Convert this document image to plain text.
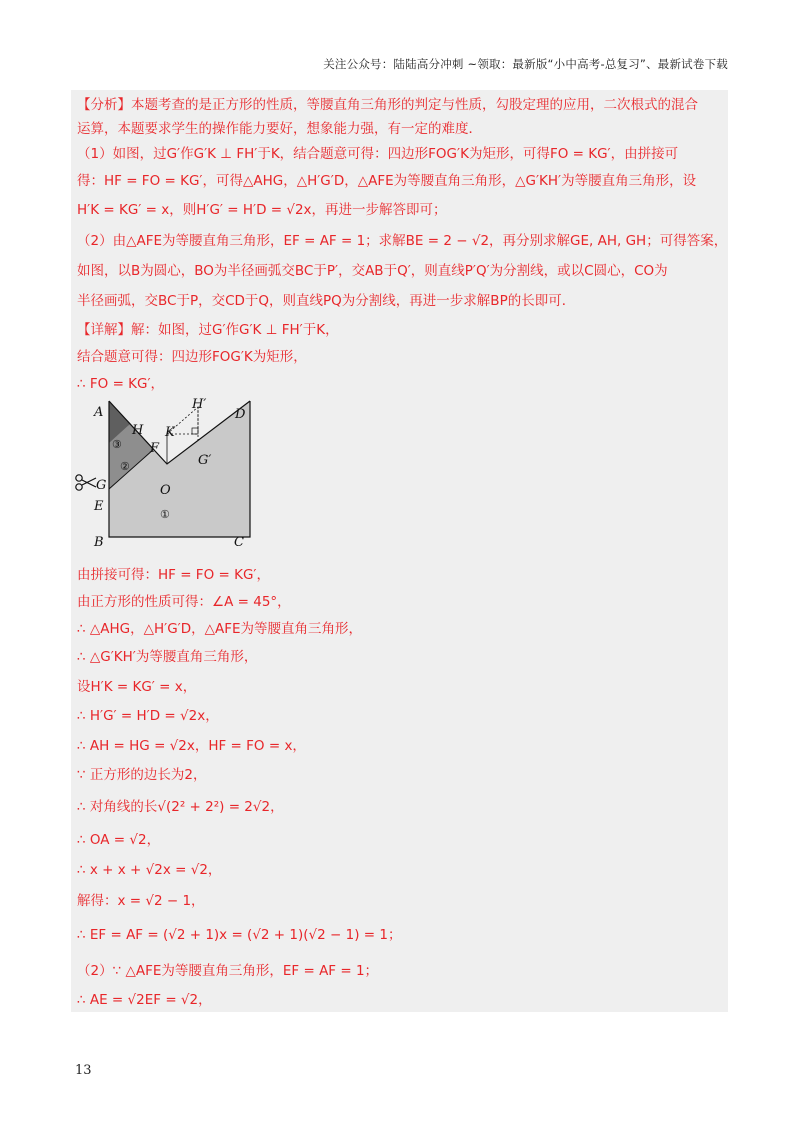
关注公众号：陆陆高分冲刺 ~领取：最新版“小中高考-总复习”、最新试卷下载
【分析】本题考查的是正方形的性质，等腰直角三角形的判定与性质，勾股定理的应用，二次根式的混合
运算，本题要求学生的操作能力要好，想象能力强，有一定的难度．
（1）如图，过G′作G′K ⊥ FH′于K，结合题意可得：四边形FOG′K为矩形，可得FO = KG′，由拼接可
得：HF = FO = KG′，可得△AHG，△H′G′D，△AFE为等腰直角三角形，△G′KH′为等腰直角三角形，设
H′K = KG′ = x，则H′G′ = H′D = √2x，再进一步解答即可；
（2）由△AFE为等腰直角三角形，EF = AF = 1；求解BE = 2 − √2，再分别求解GE, AH, GH；可得答案，
如图，以B为圆心，BO为半径画弧交BC于P′，交AB于Q′，则直线P′Q′为分割线，或以C圆心，CO为
半径画弧，交BC于P，交CD于Q，则直线PQ为分割线，再进一步求解BP的长即可．
【详解】解：如图，过G′作G′K ⊥ FH′于K，
结合题意可得：四边形FOG′K为矩形，
∴ FO = KG′，
A
H K
H′
D
F
G′
G	O
E
B	C
③
②
①
由拼接可得：HF = FO = KG′，
由正方形的性质可得：∠A = 45°，
∴ △AHG，△H′G′D，△AFE为等腰直角三角形，
∴ △G′KH′为等腰直角三角形，
设H′K = KG′ = x，
∴ H′G′ = H′D = √2x，
∴ AH = HG = √2x，HF = FO = x，
∵ 正方形的边长为2，
∴ 对角线的长√(2² + 2²) = 2√2，
∴ OA = √2，
∴ x + x + √2x = √2，
解得：x = √2 − 1，
∴ EF = AF = (√2 + 1)x = (√2 + 1)(√2 − 1) = 1；
（2）∵ △AFE为等腰直角三角形，EF = AF = 1；
∴ AE = √2EF = √2，
13
